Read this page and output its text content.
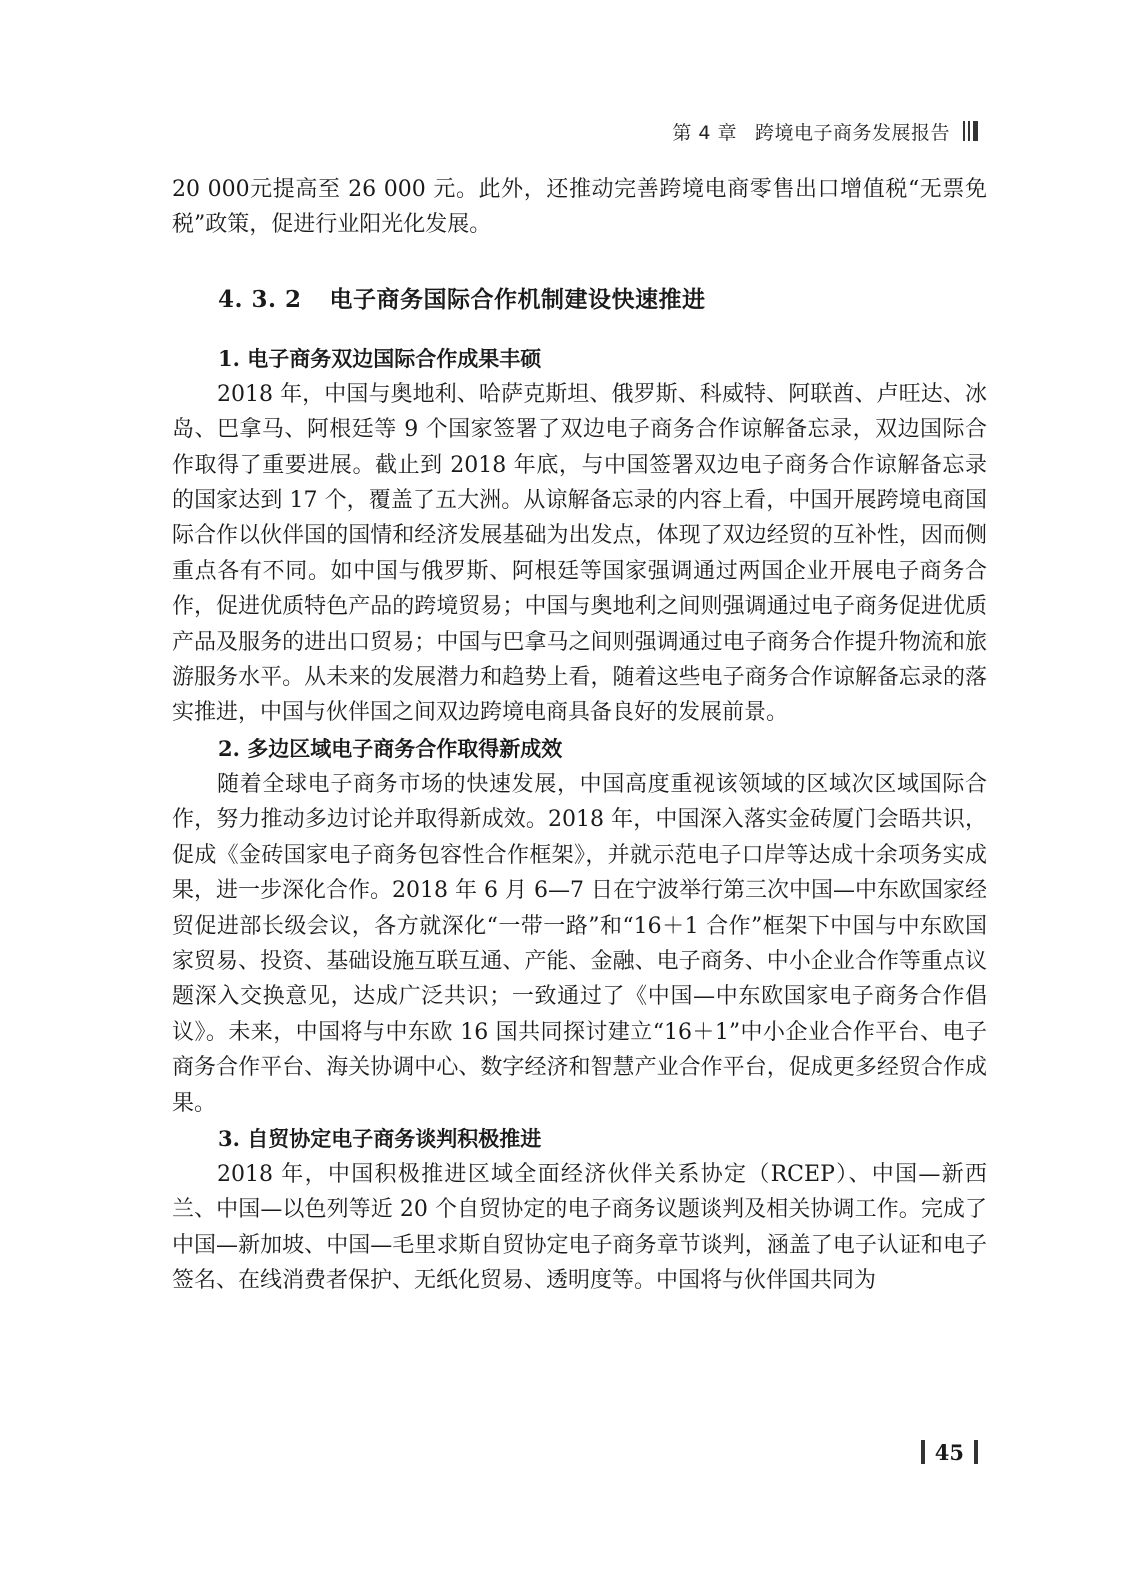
第 4 章 跨境电子商务发展报告

20 000元提高至 26 000 元。此外，还推动完善跨境电商零售出口增值税“无票免税”政策，促进行业阳光化发展。

4. 3. 2 电子商务国际合作机制建设快速推进
1. 电子商务双边国际合作成果丰硕

2018 年，中国与奥地利、哈萨克斯坦、俄罗斯、科威特、阿联酋、卢旺达、冰岛、巴拿马、阿根廷等 9 个国家签署了双边电子商务合作谅解备忘录，双边国际合作取得了重要进展。截止到 2018 年底，与中国签署双边电子商务合作谅解备忘录的国家达到 17 个，覆盖了五大洲。从谅解备忘录的内容上看，中国开展跨境电商国际合作以伙伴国的国情和经济发展基础为出发点，体现了双边经贸的互补性，因而侧重点各有不同。如中国与俄罗斯、阿根廷等国家强调通过两国企业开展电子商务合作，促进优质特色产品的跨境贸易；中国与奥地利之间则强调通过电子商务促进优质产品及服务的进出口贸易；中国与巴拿马之间则强调通过电子商务合作提升物流和旅游服务水平。从未来的发展潜力和趋势上看，随着这些电子商务合作谅解备忘录的落实推进，中国与伙伴国之间双边跨境电商具备良好的发展前景。

2. 多边区域电子商务合作取得新成效

随着全球电子商务市场的快速发展，中国高度重视该领域的区域次区域国际合作，努力推动多边讨论并取得新成效。2018 年，中国深入落实金砖厦门会晤共识，促成《金砖国家电子商务包容性合作框架》，并就示范电子口岸等达成十余项务实成果，进一步深化合作。2018 年 6 月 6—7 日在宁波举行第三次中国—中东欧国家经贸促进部长级会议，各方就深化“一带一路”和“16＋1 合作”框架下中国与中东欧国家贸易、投资、基础设施互联互通、产能、金融、电子商务、中小企业合作等重点议题深入交换意见，达成广泛共识；一致通过了《中国—中东欧国家电子商务合作倡议》。未来，中国将与中东欧 16 国共同探讨建立“16＋1”中小企业合作平台、电子商务合作平台、海关协调中心、数字经济和智慧产业合作平台，促成更多经贸合作成果。

3. 自贸协定电子商务谈判积极推进

2018 年，中国积极推进区域全面经济伙伴关系协定（RCEP）、中国—新西兰、中国—以色列等近 20 个自贸协定的电子商务议题谈判及相关协调工作。完成了中国—新加坡、中国—毛里求斯自贸协定电子商务章节谈判，涵盖了电子认证和电子签名、在线消费者保护、无纸化贸易、透明度等。中国将与伙伴国共同为

45
